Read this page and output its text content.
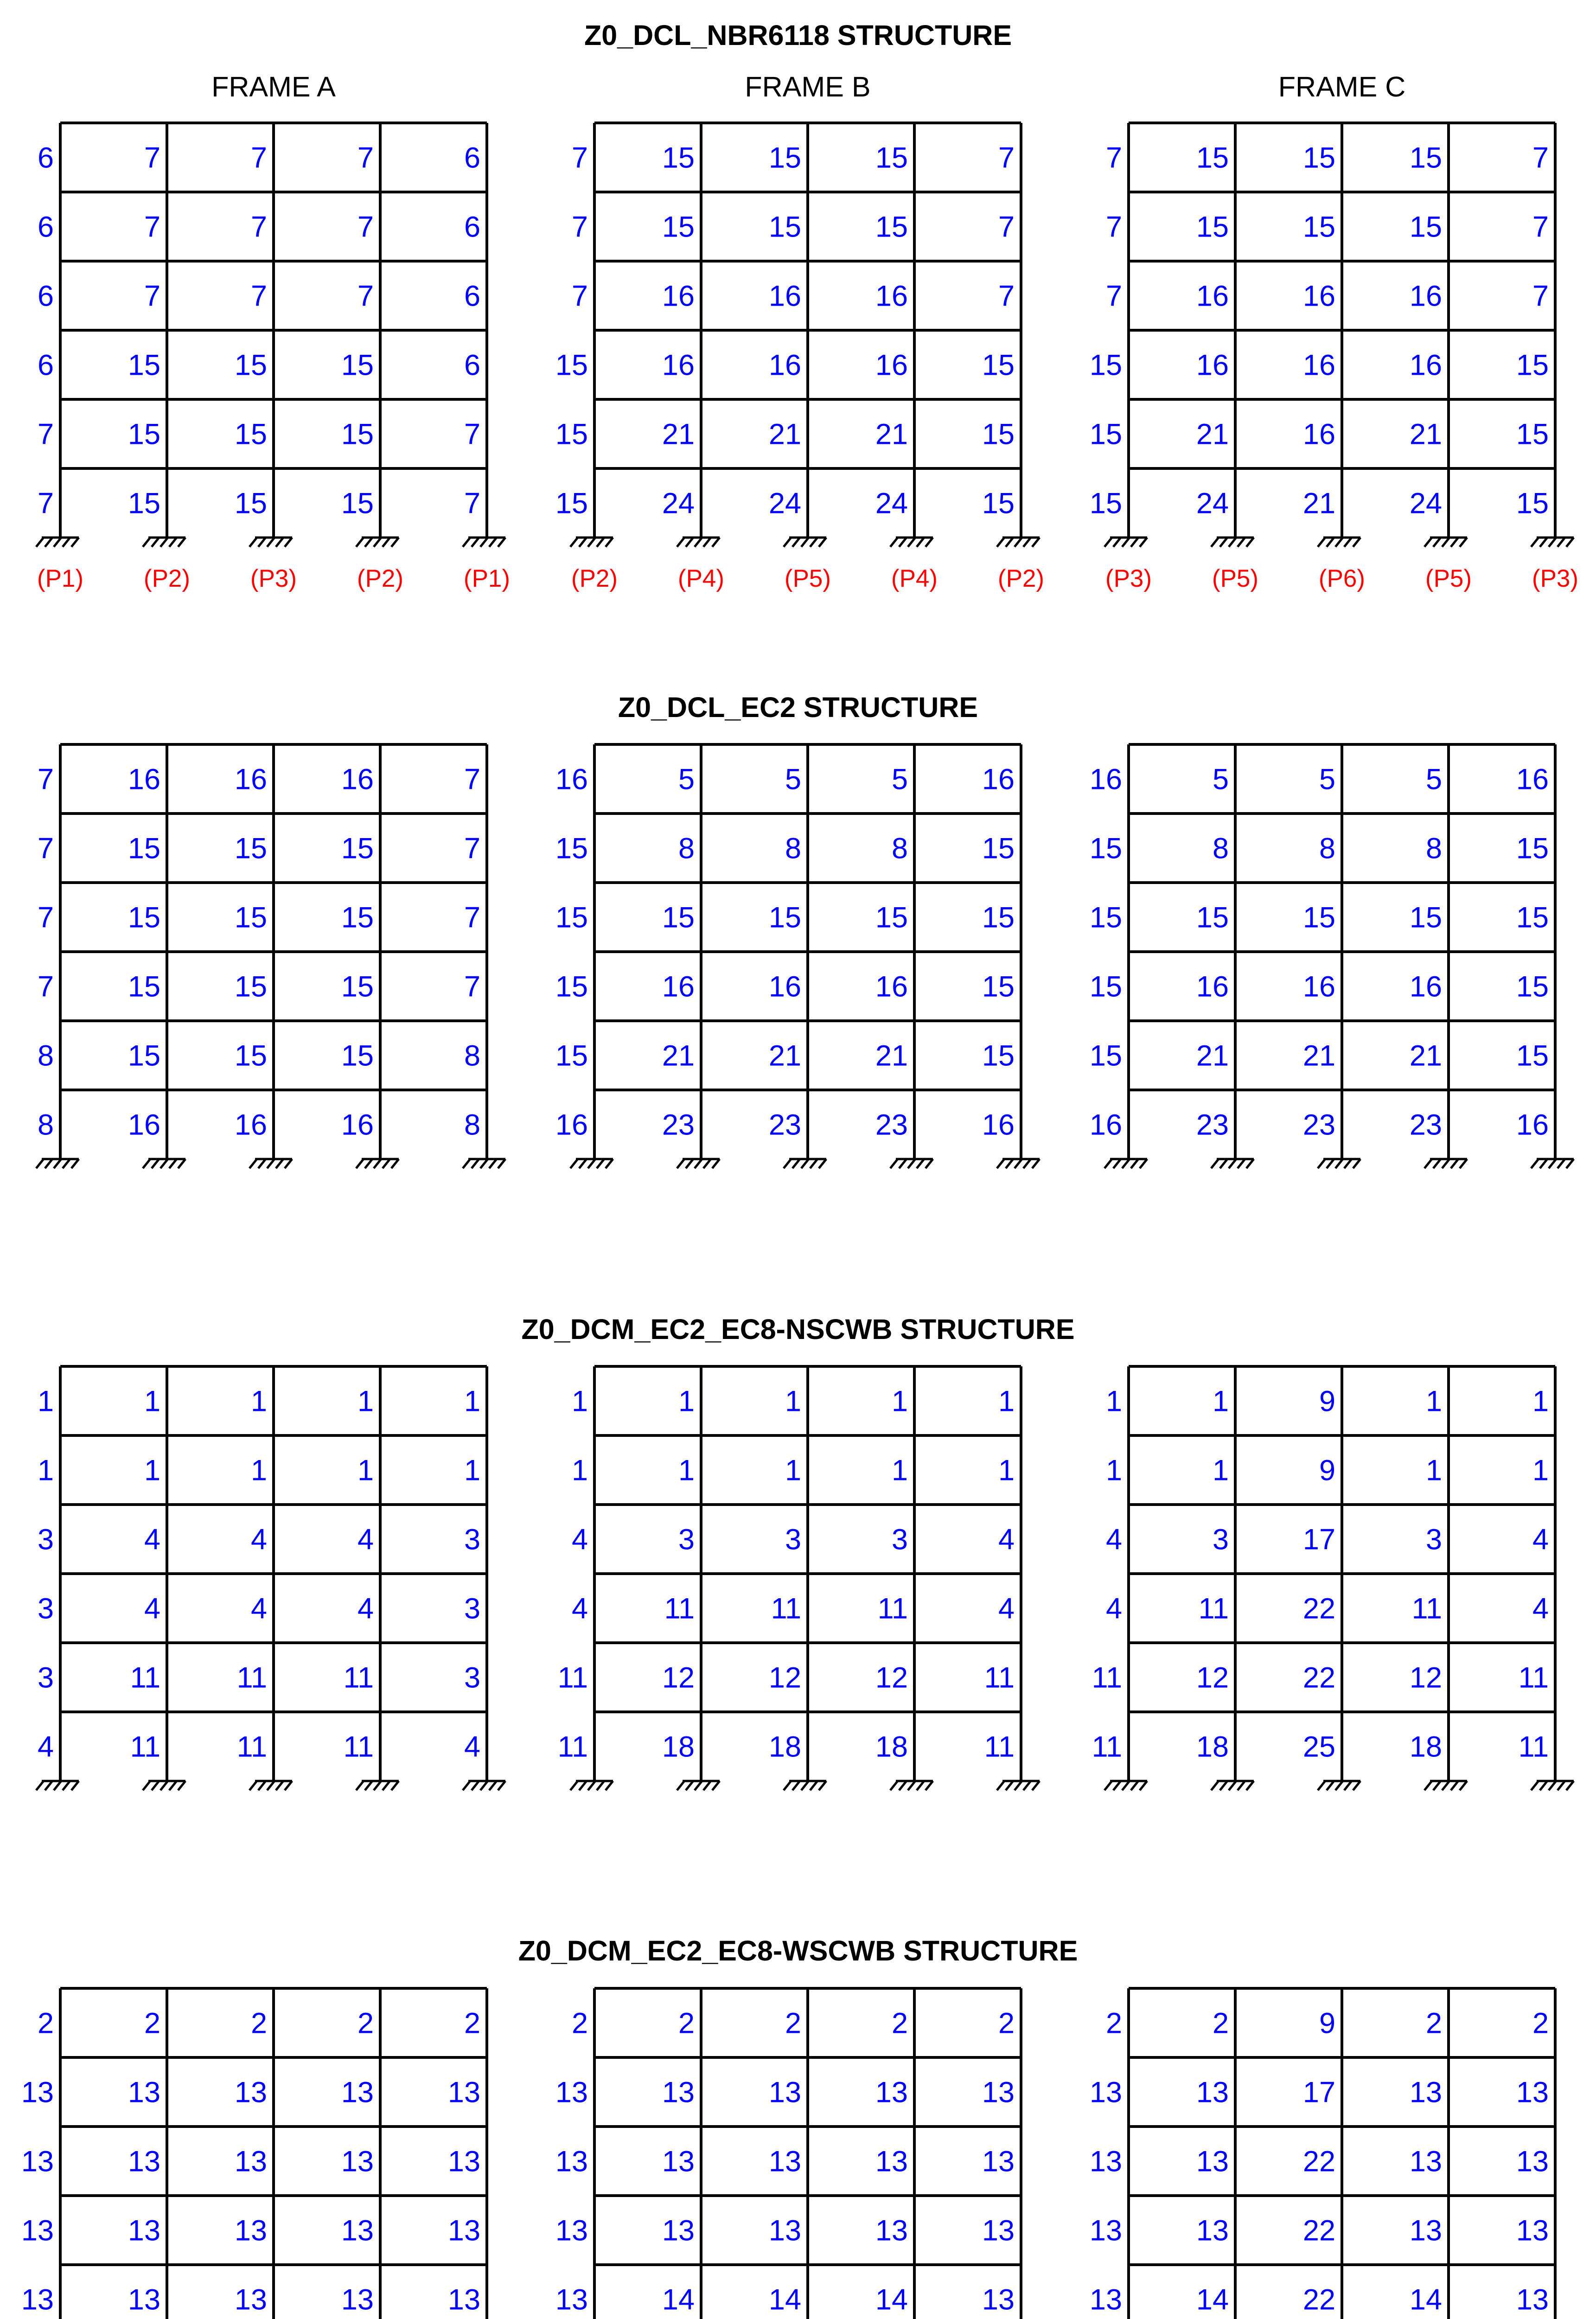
Z0_DCL_NBR6118 STRUCTURE
FRAME A
6	7	7	7	6
6	7	7	7	6
6	7	7	7	6
6	15	15	15	6
7	15	15	15	7
7	15	15	15	7
(P1) (P2) (P3) (P2) (P1)
FRAME B
7	15	15	15	7
7	15	15	15	7
7	16	16	16	7
15	16	16	16	15
15	21	21	21	15
15	24	24	24	15
(P2) (P4) (P5) (P4) (P2)
FRAME C
7	15	15	15	7
7	15	15	15	7
7	16	16	16	7
15	16	16	16	15
15	21	16	21	15
15	24	21	24	15
(P3) (P5) (P6) (P5) (P3)
Z0_DCL_EC2 STRUCTURE
7	16	16	16	7
7	15	15	15	7
7	15	15	15	7
7	15	15	15	7
8	15	15	15	8
8	16	16	16	8
16	5	5	5	16
15	8	8	8	15
15	15	15	15	15
15	16	16	16	15
15	21	21	21	15
16	23	23	23	16
16	5	5	5	16
15	8	8	8	15
15	15	15	15	15
15	16	16	16	15
15	21	21	21	15
16	23	23	23	16
Z0_DCM_EC2_EC8-NSCWB STRUCTURE
1	1	1	1	1
1	1	1	1	1
3	4	4	4	3
3	4	4	4	3
3	11	11	11	3
4	11	11	11	4
1	1	1	1	1
1	1	1	1	1
4	3	3	3	4
4	11	11	11	4
11	12	12	12	11
11	18	18	18	11
1	1	9	1	1
1	1	9	1	1
4	3	17	3	4
4	11	22	11	4
11	12	22	12	11
11	18	25	18	11
Z0_DCM_EC2_EC8-WSCWB STRUCTURE
2	2	2	2	2
13	13	13	13	13
13	13	13	13	13
13	13	13	13	13
13	13	13	13	13
2	2	2	2	2
13	13	13	13	13
13	13	13	13	13
13	13	13	13	13
13	14	14	14	13
2	2	9	2	2
13	13	17	13	13
13	13	22	13	13
13	13	22	13	13
13	14	22	14	13
